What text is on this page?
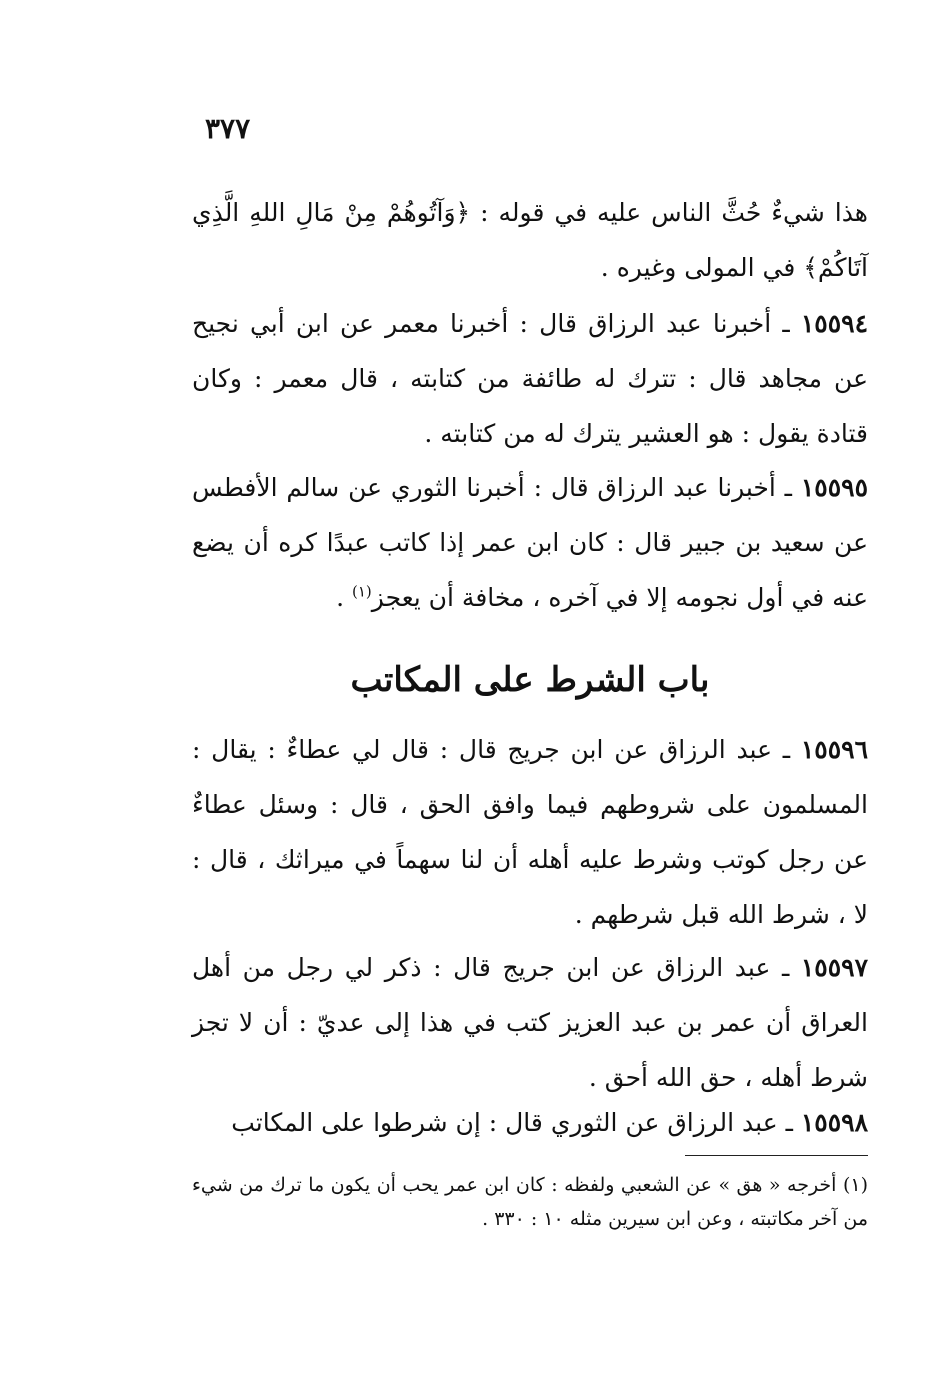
٣٧٧

هذا شيءٌ حُثَّ الناس عليه في قوله : ﴿وَآتُوهُمْ مِنْ مَالِ اللهِ الَّذِي آتَاكُمْ﴾ في المولى وغيره .

١٥٥٩٤ ـ أخبرنا عبد الرزاق قال : أخبرنا معمر عن ابن أبي نجيح عن مجاهد قال : تترك له طائفة من كتابته ، قال معمر : وكان قتادة يقول : هو العشير يترك له من كتابته .

١٥٥٩٥ ـ أخبرنا عبد الرزاق قال : أخبرنا الثوري عن سالم الأفطس عن سعيد بن جبير قال : كان ابن عمر إذا كاتب عبدًا كره أن يضع عنه في أول نجومه إلا في آخره ، مخافة أن يعجز$^{(١)}$ .

باب الشرط على المكاتب

١٥٥٩٦ ـ عبد الرزاق عن ابن جريج قال : قال لي عطاءٌ : يقال : المسلمون على شروطهم فيما وافق الحق ، قال : وسئل عطاءٌ عن رجل كوتب وشرط عليه أهله أن لنا سهماً في ميراثك ، قال : لا ، شرط الله قبل شرطهم .

١٥٥٩٧ ـ عبد الرزاق عن ابن جريج قال : ذكر لي رجل من أهل العراق أن عمر بن عبد العزيز كتب في هذا إلى عديّ : أن لا تجز شرط أهله ، حق الله أحق .

١٥٥٩٨ ـ عبد الرزاق عن الثوري قال : إن شرطوا على المكاتب

(١) أخرجه « هق » عن الشعبي ولفظه : كان ابن عمر يحب أن يكون ما ترك من شيء من آخر مكاتبته ، وعن ابن سيرين مثله ١٠ : ٣٣٠ .
